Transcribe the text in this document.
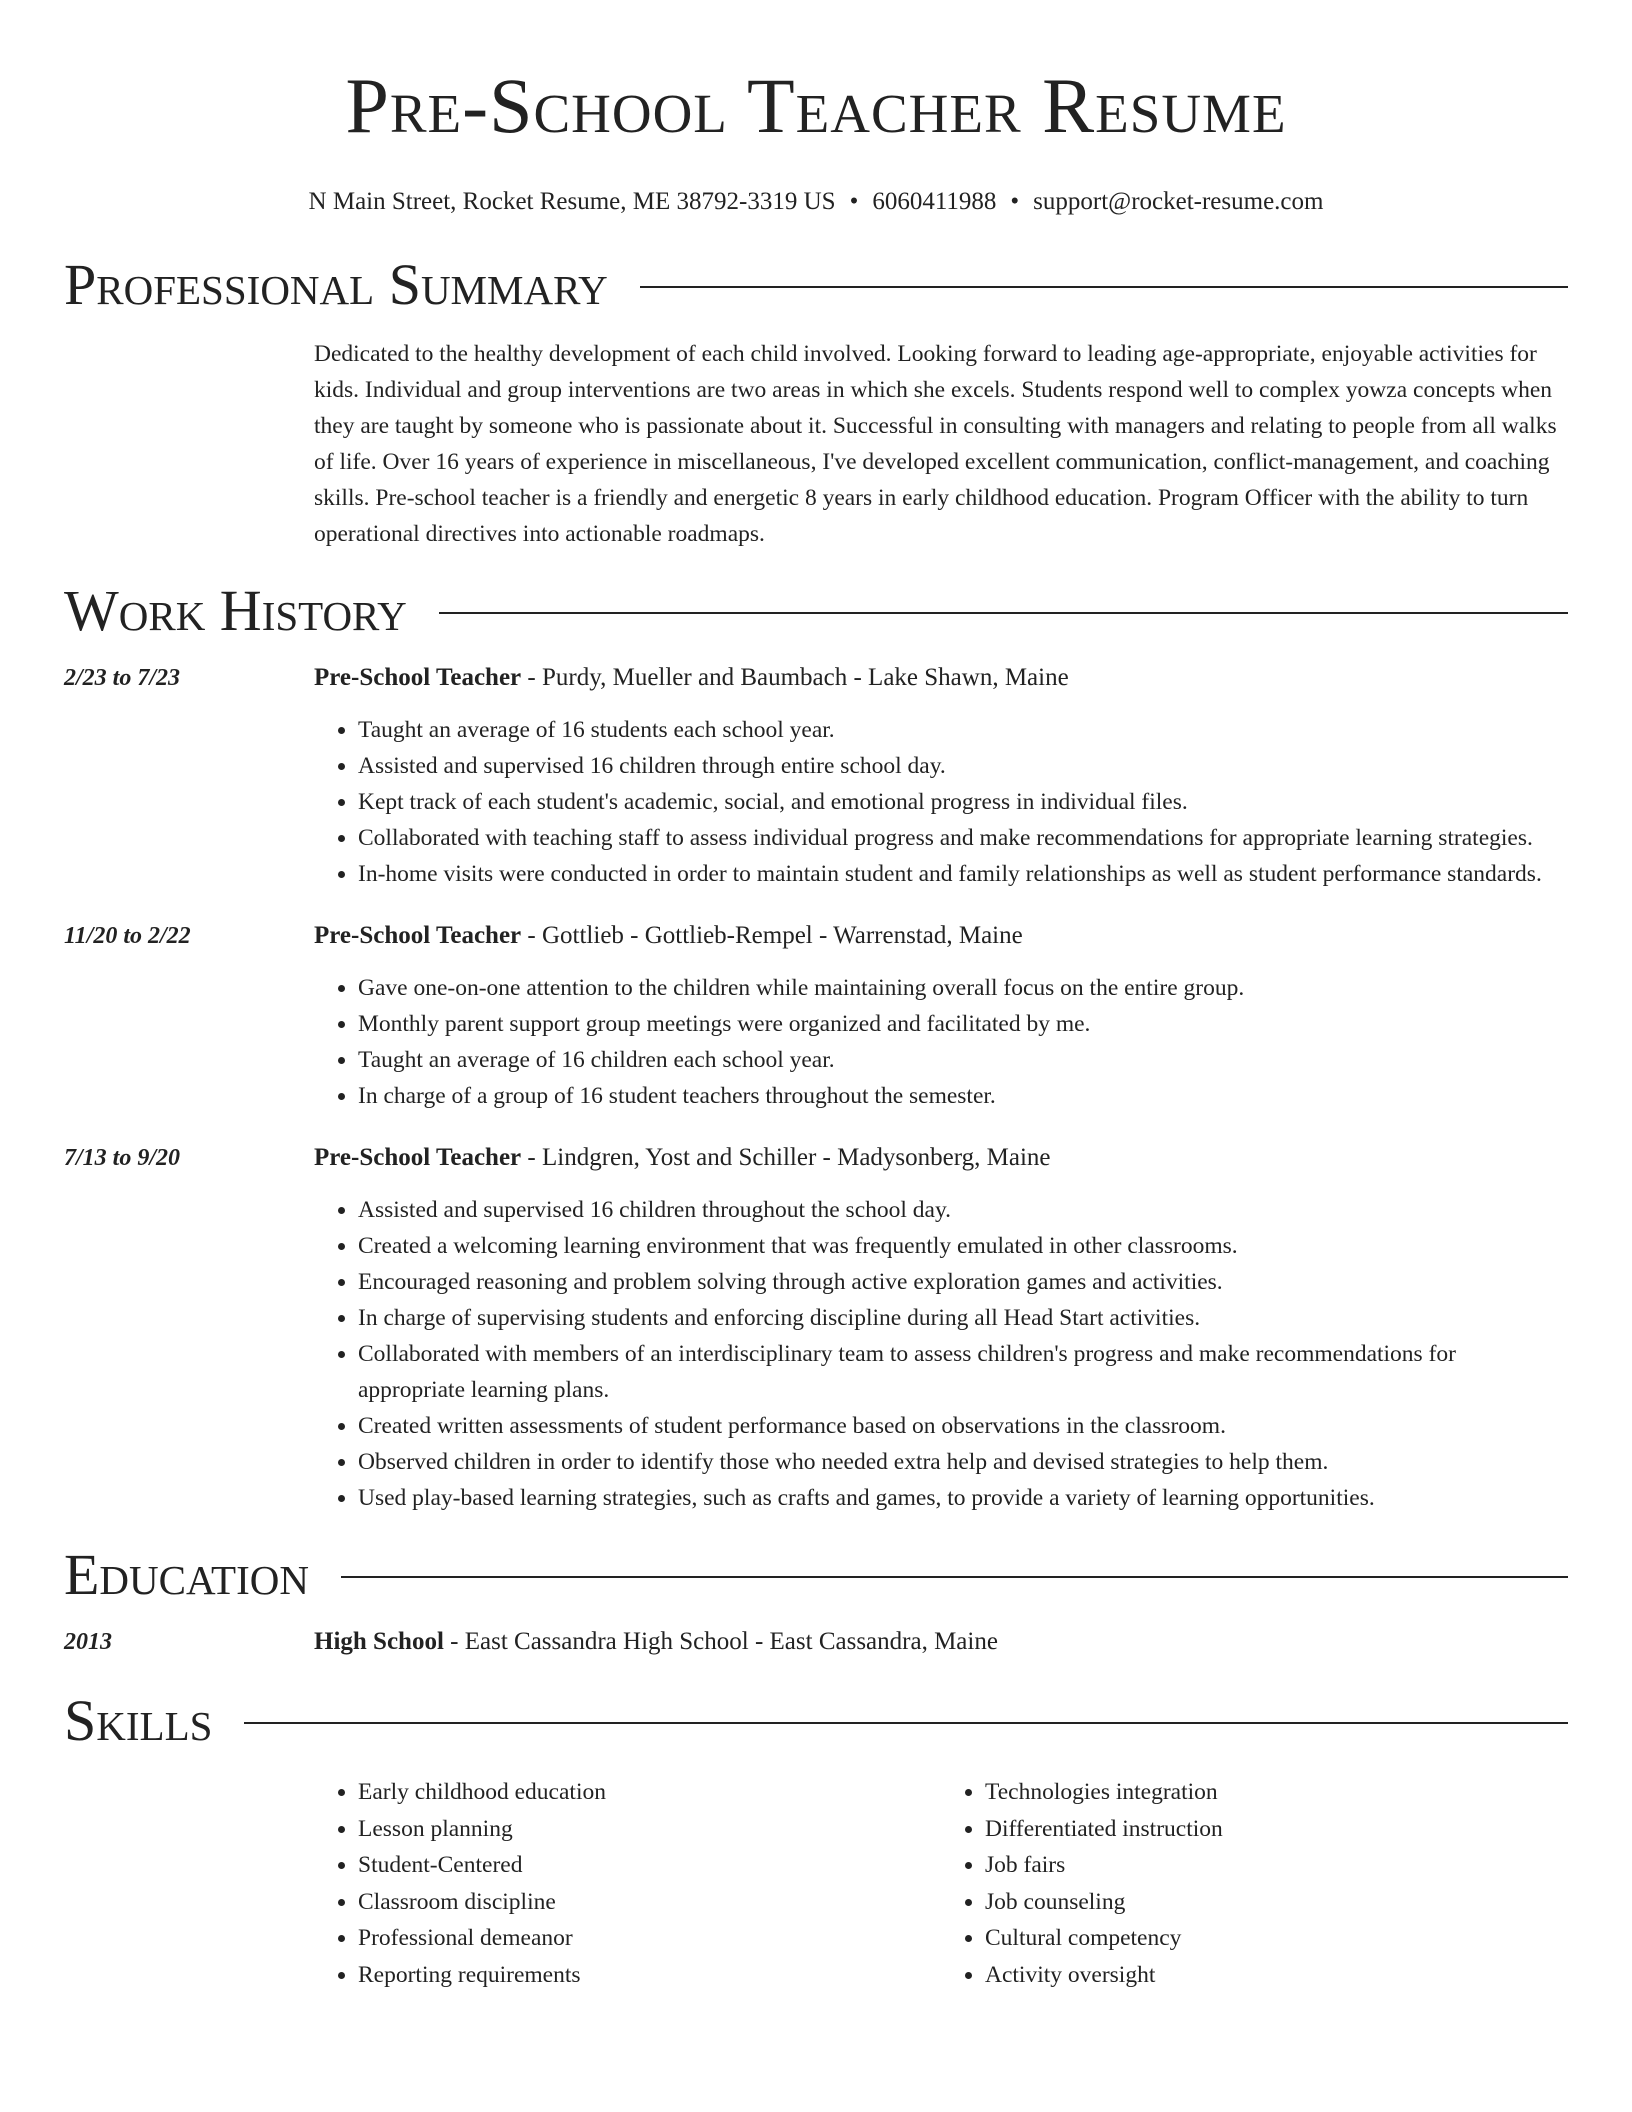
Pre-School Teacher Resume
N Main Street, Rocket Resume, ME 38792-3319 US • 6060411988 • support@rocket-resume.com
Professional Summary
Dedicated to the healthy development of each child involved. Looking forward to leading age-appropriate, enjoyable activities for kids. Individual and group interventions are two areas in which she excels. Students respond well to complex yowza concepts when they are taught by someone who is passionate about it. Successful in consulting with managers and relating to people from all walks of life. Over 16 years of experience in miscellaneous, I've developed excellent communication, conflict-management, and coaching skills. Pre-school teacher is a friendly and energetic 8 years in early childhood education. Program Officer with the ability to turn operational directives into actionable roadmaps.
Work History
2/23 to 7/23	Pre-School Teacher - Purdy, Mueller and Baumbach - Lake Shawn, Maine
• Taught an average of 16 students each school year.
• Assisted and supervised 16 children through entire school day.
• Kept track of each student's academic, social, and emotional progress in individual files.
• Collaborated with teaching staff to assess individual progress and make recommendations for appropriate learning strategies.
• In-home visits were conducted in order to maintain student and family relationships as well as student performance standards.
11/20 to 2/22	Pre-School Teacher - Gottlieb - Gottlieb-Rempel - Warrenstad, Maine
• Gave one-on-one attention to the children while maintaining overall focus on the entire group.
• Monthly parent support group meetings were organized and facilitated by me.
• Taught an average of 16 children each school year.
• In charge of a group of 16 student teachers throughout the semester.
7/13 to 9/20	Pre-School Teacher - Lindgren, Yost and Schiller - Madysonberg, Maine
• Assisted and supervised 16 children throughout the school day.
• Created a welcoming learning environment that was frequently emulated in other classrooms.
• Encouraged reasoning and problem solving through active exploration games and activities.
• In charge of supervising students and enforcing discipline during all Head Start activities.
• Collaborated with members of an interdisciplinary team to assess children's progress and make recommendations for appropriate learning plans.
• Created written assessments of student performance based on observations in the classroom.
• Observed children in order to identify those who needed extra help and devised strategies to help them.
• Used play-based learning strategies, such as crafts and games, to provide a variety of learning opportunities.
Education
2013	High School - East Cassandra High School - East Cassandra, Maine
Skills
• Early childhood education
• Lesson planning
• Student-Centered
• Classroom discipline
• Professional demeanor
• Reporting requirements
• Technologies integration
• Differentiated instruction
• Job fairs
• Job counseling
• Cultural competency
• Activity oversight
